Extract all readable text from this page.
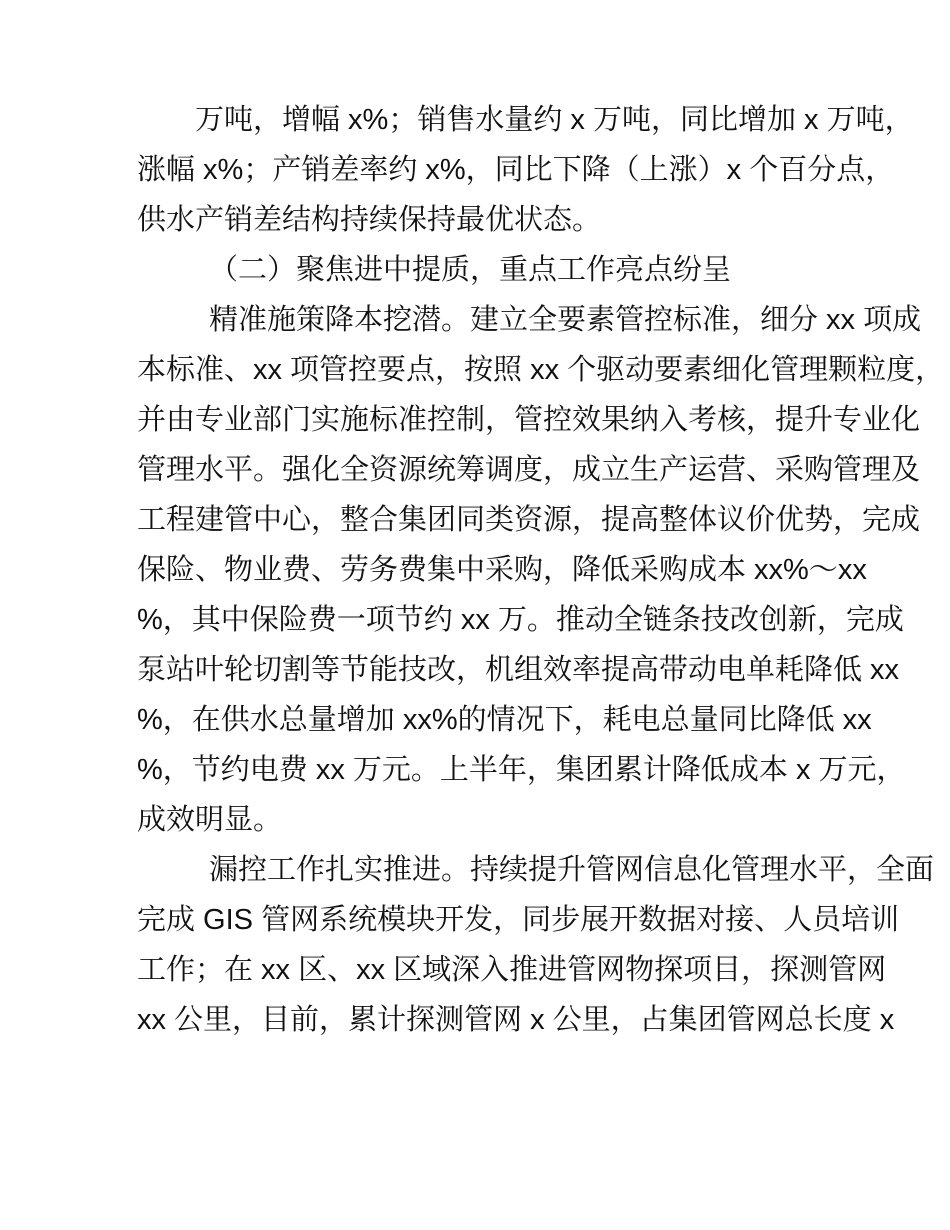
　　万吨，增幅 x%；销售水量约 x 万吨，同比增加 x 万吨，
涨幅 x%；产销差率约 x%，同比下降（上涨）x 个百分点，
供水产销差结构持续保持最优状态。
（二）聚焦进中提质，重点工作亮点纷呈
精准施策降本挖潜。建立全要素管控标准，细分 xx 项成
本标准、xx 项管控要点，按照 xx 个驱动要素细化管理颗粒度，
并由专业部门实施标准控制，管控效果纳入考核，提升专业化
管理水平。强化全资源统筹调度，成立生产运营、采购管理及
工程建管中心，整合集团同类资源，提高整体议价优势，完成
保险、物业费、劳务费集中采购，降低采购成本 xx%～xx
%，其中保险费一项节约 xx 万。推动全链条技改创新，完成
泵站叶轮切割等节能技改，机组效率提高带动电单耗降低 xx
%，在供水总量增加 xx%的情况下，耗电总量同比降低 xx
%，节约电费 xx 万元。上半年，集团累计降低成本 x 万元，
成效明显。
漏控工作扎实推进。持续提升管网信息化管理水平，全面
完成 GIS 管网系统模块开发，同步展开数据对接、人员培训
工作；在 xx 区、xx 区域深入推进管网物探项目，探测管网
xx 公里，目前，累计探测管网 x 公里，占集团管网总长度 x
